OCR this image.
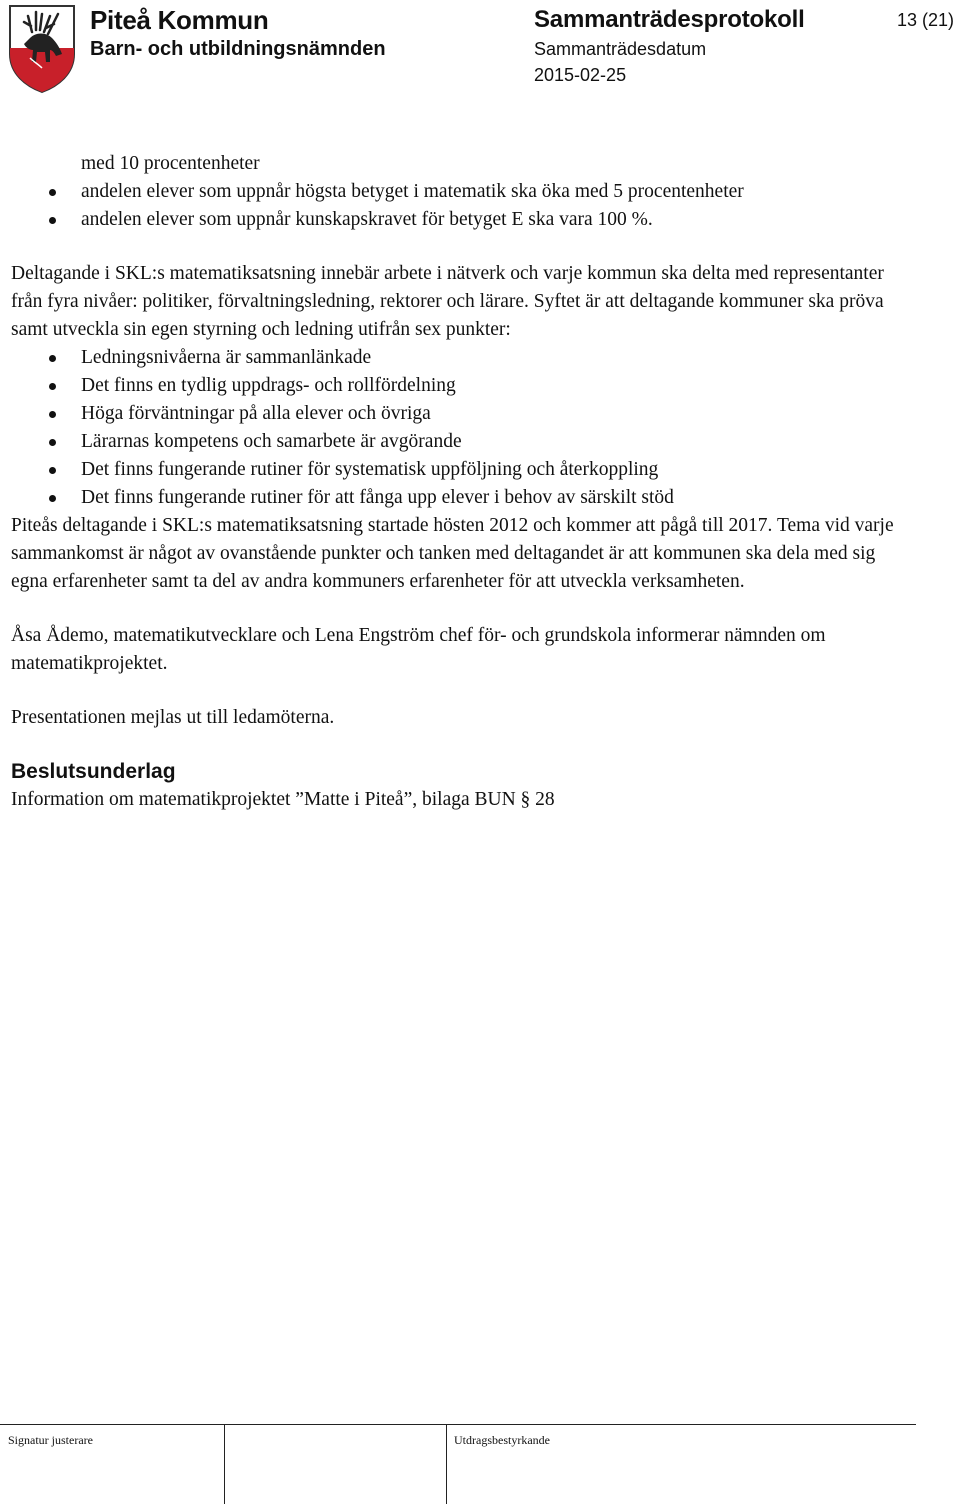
Piteå Kommun
Barn- och utbildningsnämnden
Sammanträdesprotokoll
Sammanträdesdatum
2015-02-25
13 (21)

med 10 procentenheter

andelen elever som uppnår högsta betyget i matematik ska öka med 5 procentenheter
andelen elever som uppnår kunskapskravet för betyget E ska vara 100 %.

Deltagande i SKL:s matematiksatsning innebär arbete i nätverk och varje kommun ska delta med representanter från fyra nivåer: politiker, förvaltningsledning, rektorer och lärare. Syftet är att deltagande kommuner ska pröva samt utveckla sin egen styrning och ledning utifrån sex punkter:

Ledningsnivåerna är sammanlänkade
Det finns en tydlig uppdrags- och rollfördelning
Höga förväntningar på alla elever och övriga
Lärarnas kompetens och samarbete är avgörande
Det finns fungerande rutiner för systematisk uppföljning och återkoppling
Det finns fungerande rutiner för att fånga upp elever i behov av särskilt stöd

Piteås deltagande i SKL:s matematiksatsning startade hösten 2012 och kommer att pågå till 2017. Tema vid varje sammankomst är något av ovanstående punkter och tanken med deltagandet är att kommunen ska dela med sig egna erfarenheter samt ta del av andra kommuners erfarenheter för att utveckla verksamheten.

Åsa Ådemo, matematikutvecklare och Lena Engström chef för- och grundskola informerar nämnden om matematikprojektet.

Presentationen mejlas ut till ledamöterna.

Beslutsunderlag

Information om matematikprojektet ”Matte i Piteå”, bilaga BUN § 28

Signatur justerare	Utdragsbestyrkande
